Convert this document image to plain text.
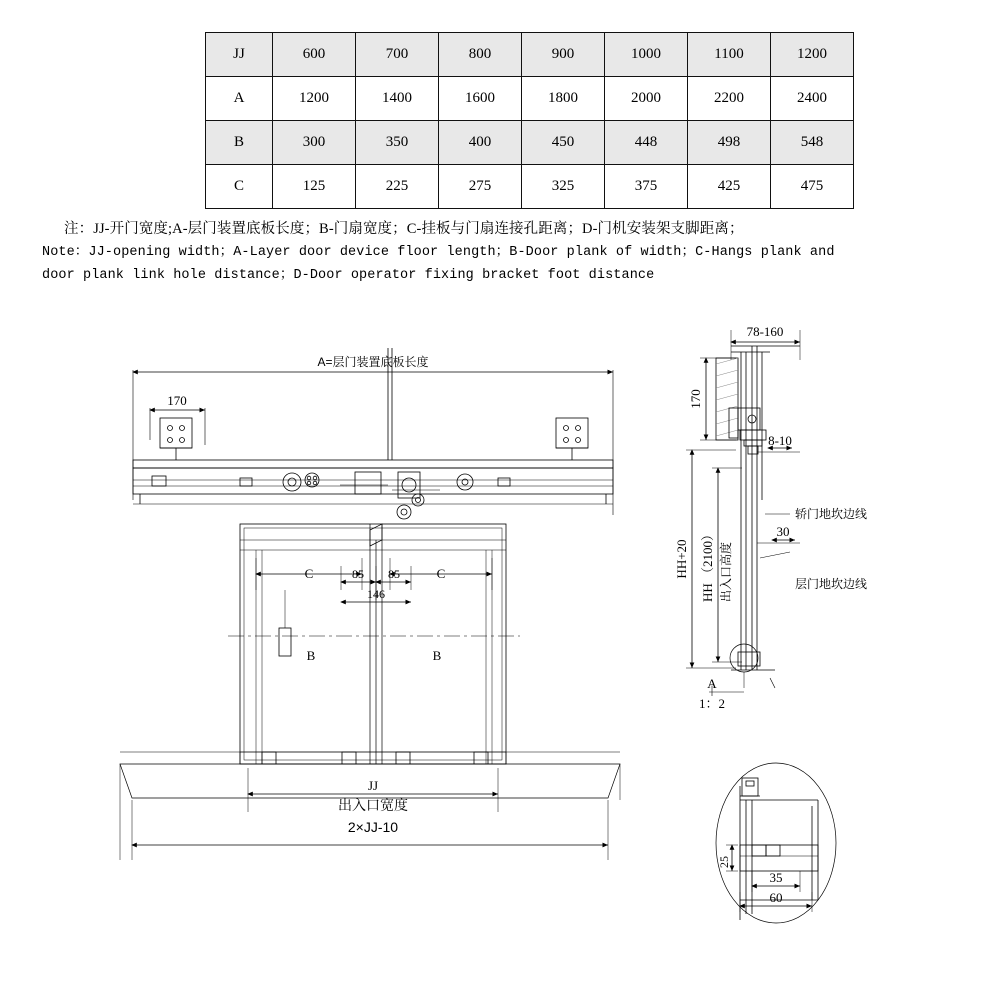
JJ	600	700	800	900	1000	1100	1200
A	1200	1400	1600	1800	2000	2200	2400
B	300	350	400	450	448	498	548
C	125	225	275	325	375	425	475
注：JJ-开门宽度;A-层门装置底板长度；B-门扇宽度；C-挂板与门扇连接孔距离；D-门机安装架支脚距离；
Note：JJ-opening width；A-Layer door device floor length；B-Door plank of width；C-Hangs plank and
door plank link hole distance；D-Door operator fixing bracket foot distance
A=层门装置底板长度
170
C	C
85 85
146
B	B
JJ
出入口宽度
2×JJ-10
78-160
170
8-10
30
HH+20 HH （2100） 出入口高度
轿门地坎边线
层门地坎边线
A
1：2
25
35
60
